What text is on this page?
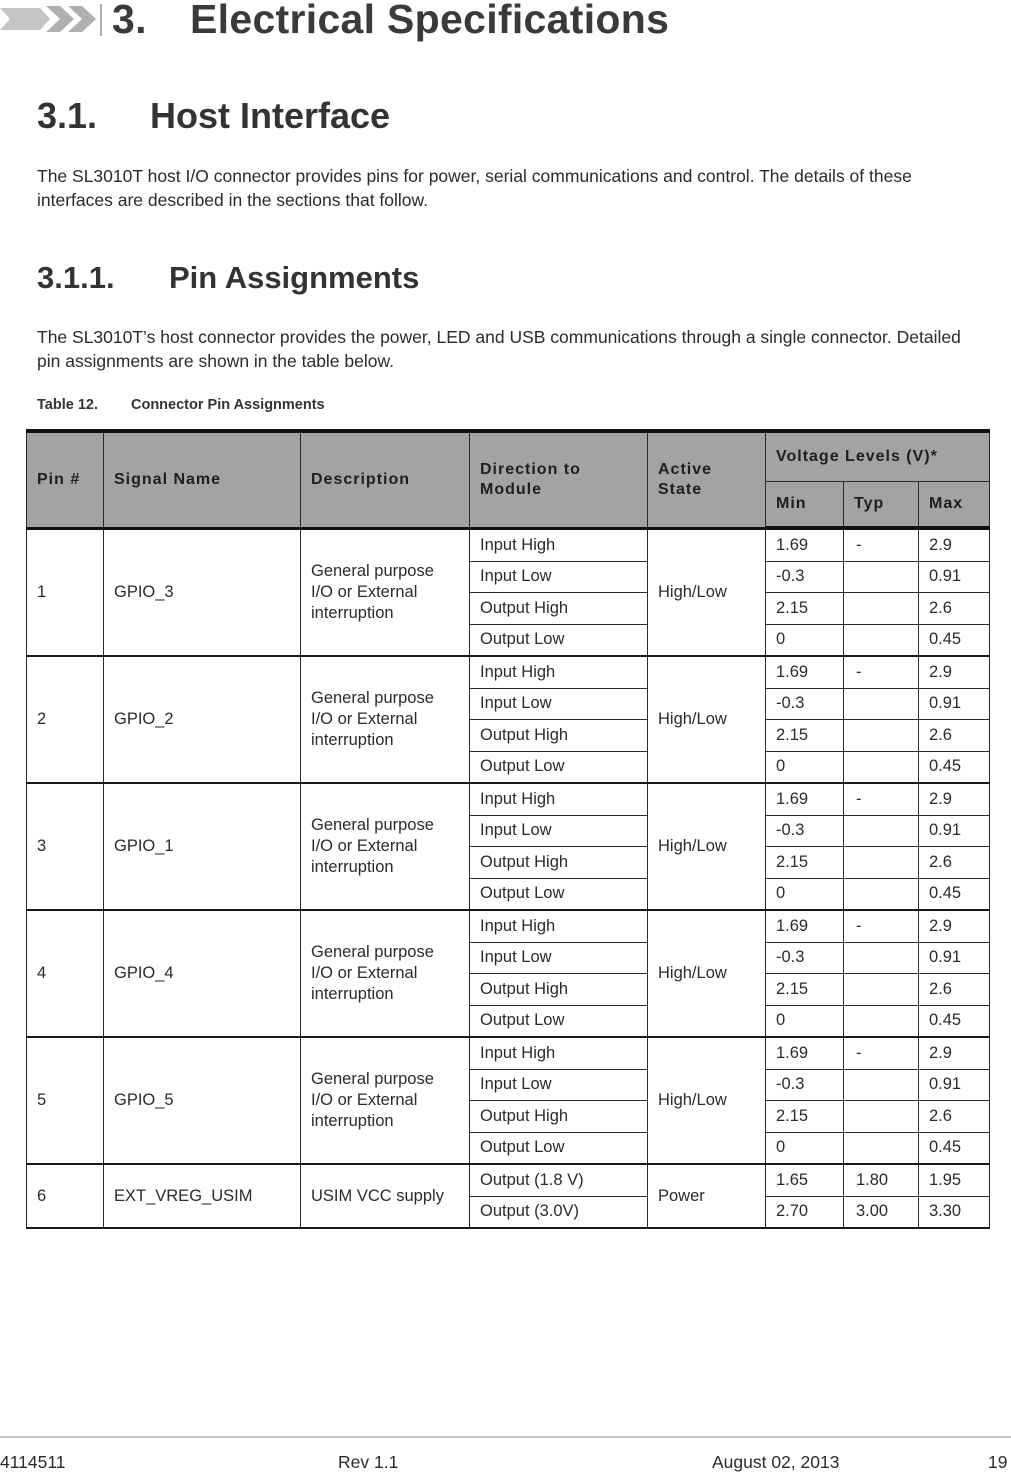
3. Electrical Specifications
3.1. Host Interface

The SL3010T host I/O connector provides pins for power, serial communications and control. The details of these interfaces are described in the sections that follow.

3.1.1. Pin Assignments

The SL3010T’s host connector provides the power, LED and USB communications through a single connector. Detailed pin assignments are shown in the table below.

Table 12. Connector Pin Assignments

Pin #	Signal Name	Description	Direction to Module	Active State	Voltage Levels (V)*		
					Min	Typ	Max
1	GPIO_3	General purpose I/O or External interruption	Input High	High/Low	1.69	-	2.9
			Input Low		-0.3		0.91
			Output High		2.15		2.6
			Output Low		0		0.45
2	GPIO_2	General purpose I/O or External interruption	Input High	High/Low	1.69	-	2.9
			Input Low		-0.3		0.91
			Output High		2.15		2.6
			Output Low		0		0.45
3	GPIO_1	General purpose I/O or External interruption	Input High	High/Low	1.69	-	2.9
			Input Low		-0.3		0.91
			Output High		2.15		2.6
			Output Low		0		0.45
4	GPIO_4	General purpose I/O or External interruption	Input High	High/Low	1.69	-	2.9
			Input Low		-0.3		0.91
			Output High		2.15		2.6
			Output Low		0		0.45
5	GPIO_5	General purpose I/O or External interruption	Input High	High/Low	1.69	-	2.9
			Input Low		-0.3		0.91
			Output High		2.15		2.6
			Output Low		0		0.45
6	EXT_VREG_USIM	USIM VCC supply	Output (1.8 V)	Power	1.65	1.80	1.95
			Output (3.0V)		2.70	3.00	3.30
4114511	Rev 1.1	August 02, 2013	19
